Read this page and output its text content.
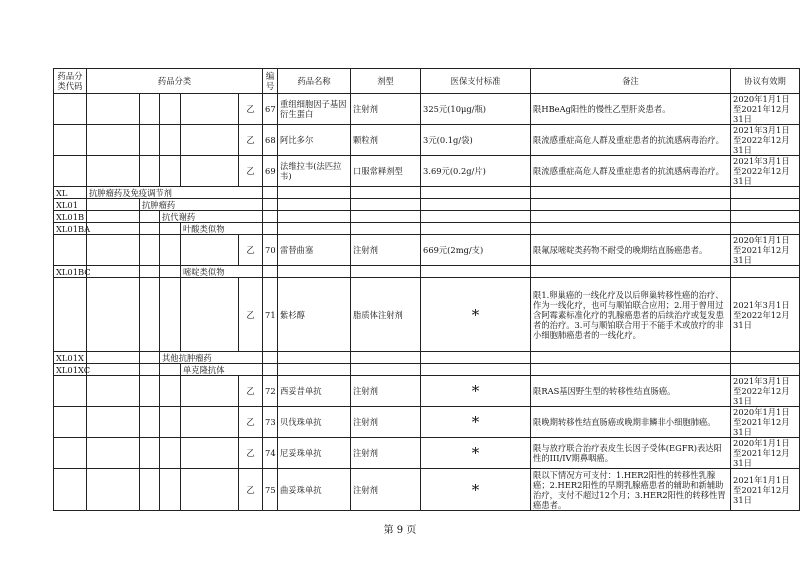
药品分类代码	药品分类					编号	药品名称	剂型	医保支付标准	备注	协议有效期
					乙	67	重组细胞因子基因衍生蛋白	注射剂	325元(10μg/瓶)	限HBeAg阳性的慢性乙型肝炎患者。	2020年1月1日至2021年12月31日
					乙	68	阿比多尔	颗粒剂	3元(0.1g/袋)	限流感重症高危人群及重症患者的抗流感病毒治疗。	2021年3月1日至2022年12月31日
					乙	69	法维拉韦(法匹拉韦)	口服常释剂型	3.69元(0.2g/片)	限流感重症高危人群及重症患者的抗流感病毒治疗。	2021年3月1日至2022年12月31日
XL	抗肿瘤药及免疫调节剂										
XL01		抗肿瘤药									
XL01B			抗代谢药								
XL01BA				叶酸类似物							
					乙	70	雷替曲塞	注射剂	669元(2mg/支)	限氟尿嘧啶类药物不耐受的晚期结直肠癌患者。	2020年1月1日至2021年12月31日
XL01BC				嘧啶类似物							
					乙	71	紫杉醇	脂质体注射剂	*	限1.卵巢癌的一线化疗及以后卵巢转移性癌的治疗、作为一线化疗，也可与顺铂联合应用；2.用于曾用过含阿霉素标准化疗的乳腺癌患者的后续治疗或复发患者的治疗。3.可与顺铂联合用于不能手术或放疗的非小细胞肺癌患者的一线化疗。	2021年3月1日至2022年12月31日
XL01X			其他抗肿瘤药								
XL01XC				单克隆抗体							
					乙	72	西妥昔单抗	注射剂	*	限RAS基因野生型的转移性结直肠癌。	2021年3月1日至2022年12月31日
					乙	73	贝伐珠单抗	注射剂	*	限晚期转移性结直肠癌或晚期非鳞非小细胞肺癌。	2020年1月1日至2021年12月31日
					乙	74	尼妥珠单抗	注射剂	*	限与放疗联合治疗表皮生长因子受体(EGFR)表达阳性的III/IV期鼻咽癌。	2020年1月1日至2021年12月31日
					乙	75	曲妥珠单抗	注射剂	*	限以下情况方可支付：1.HER2阳性的转移性乳腺癌；2.HER2阳性的早期乳腺癌患者的辅助和新辅助治疗，支付不超过12个月；3.HER2阳性的转移性胃癌患者。	2021年1月1日至2021年12月31日
第 9 页
